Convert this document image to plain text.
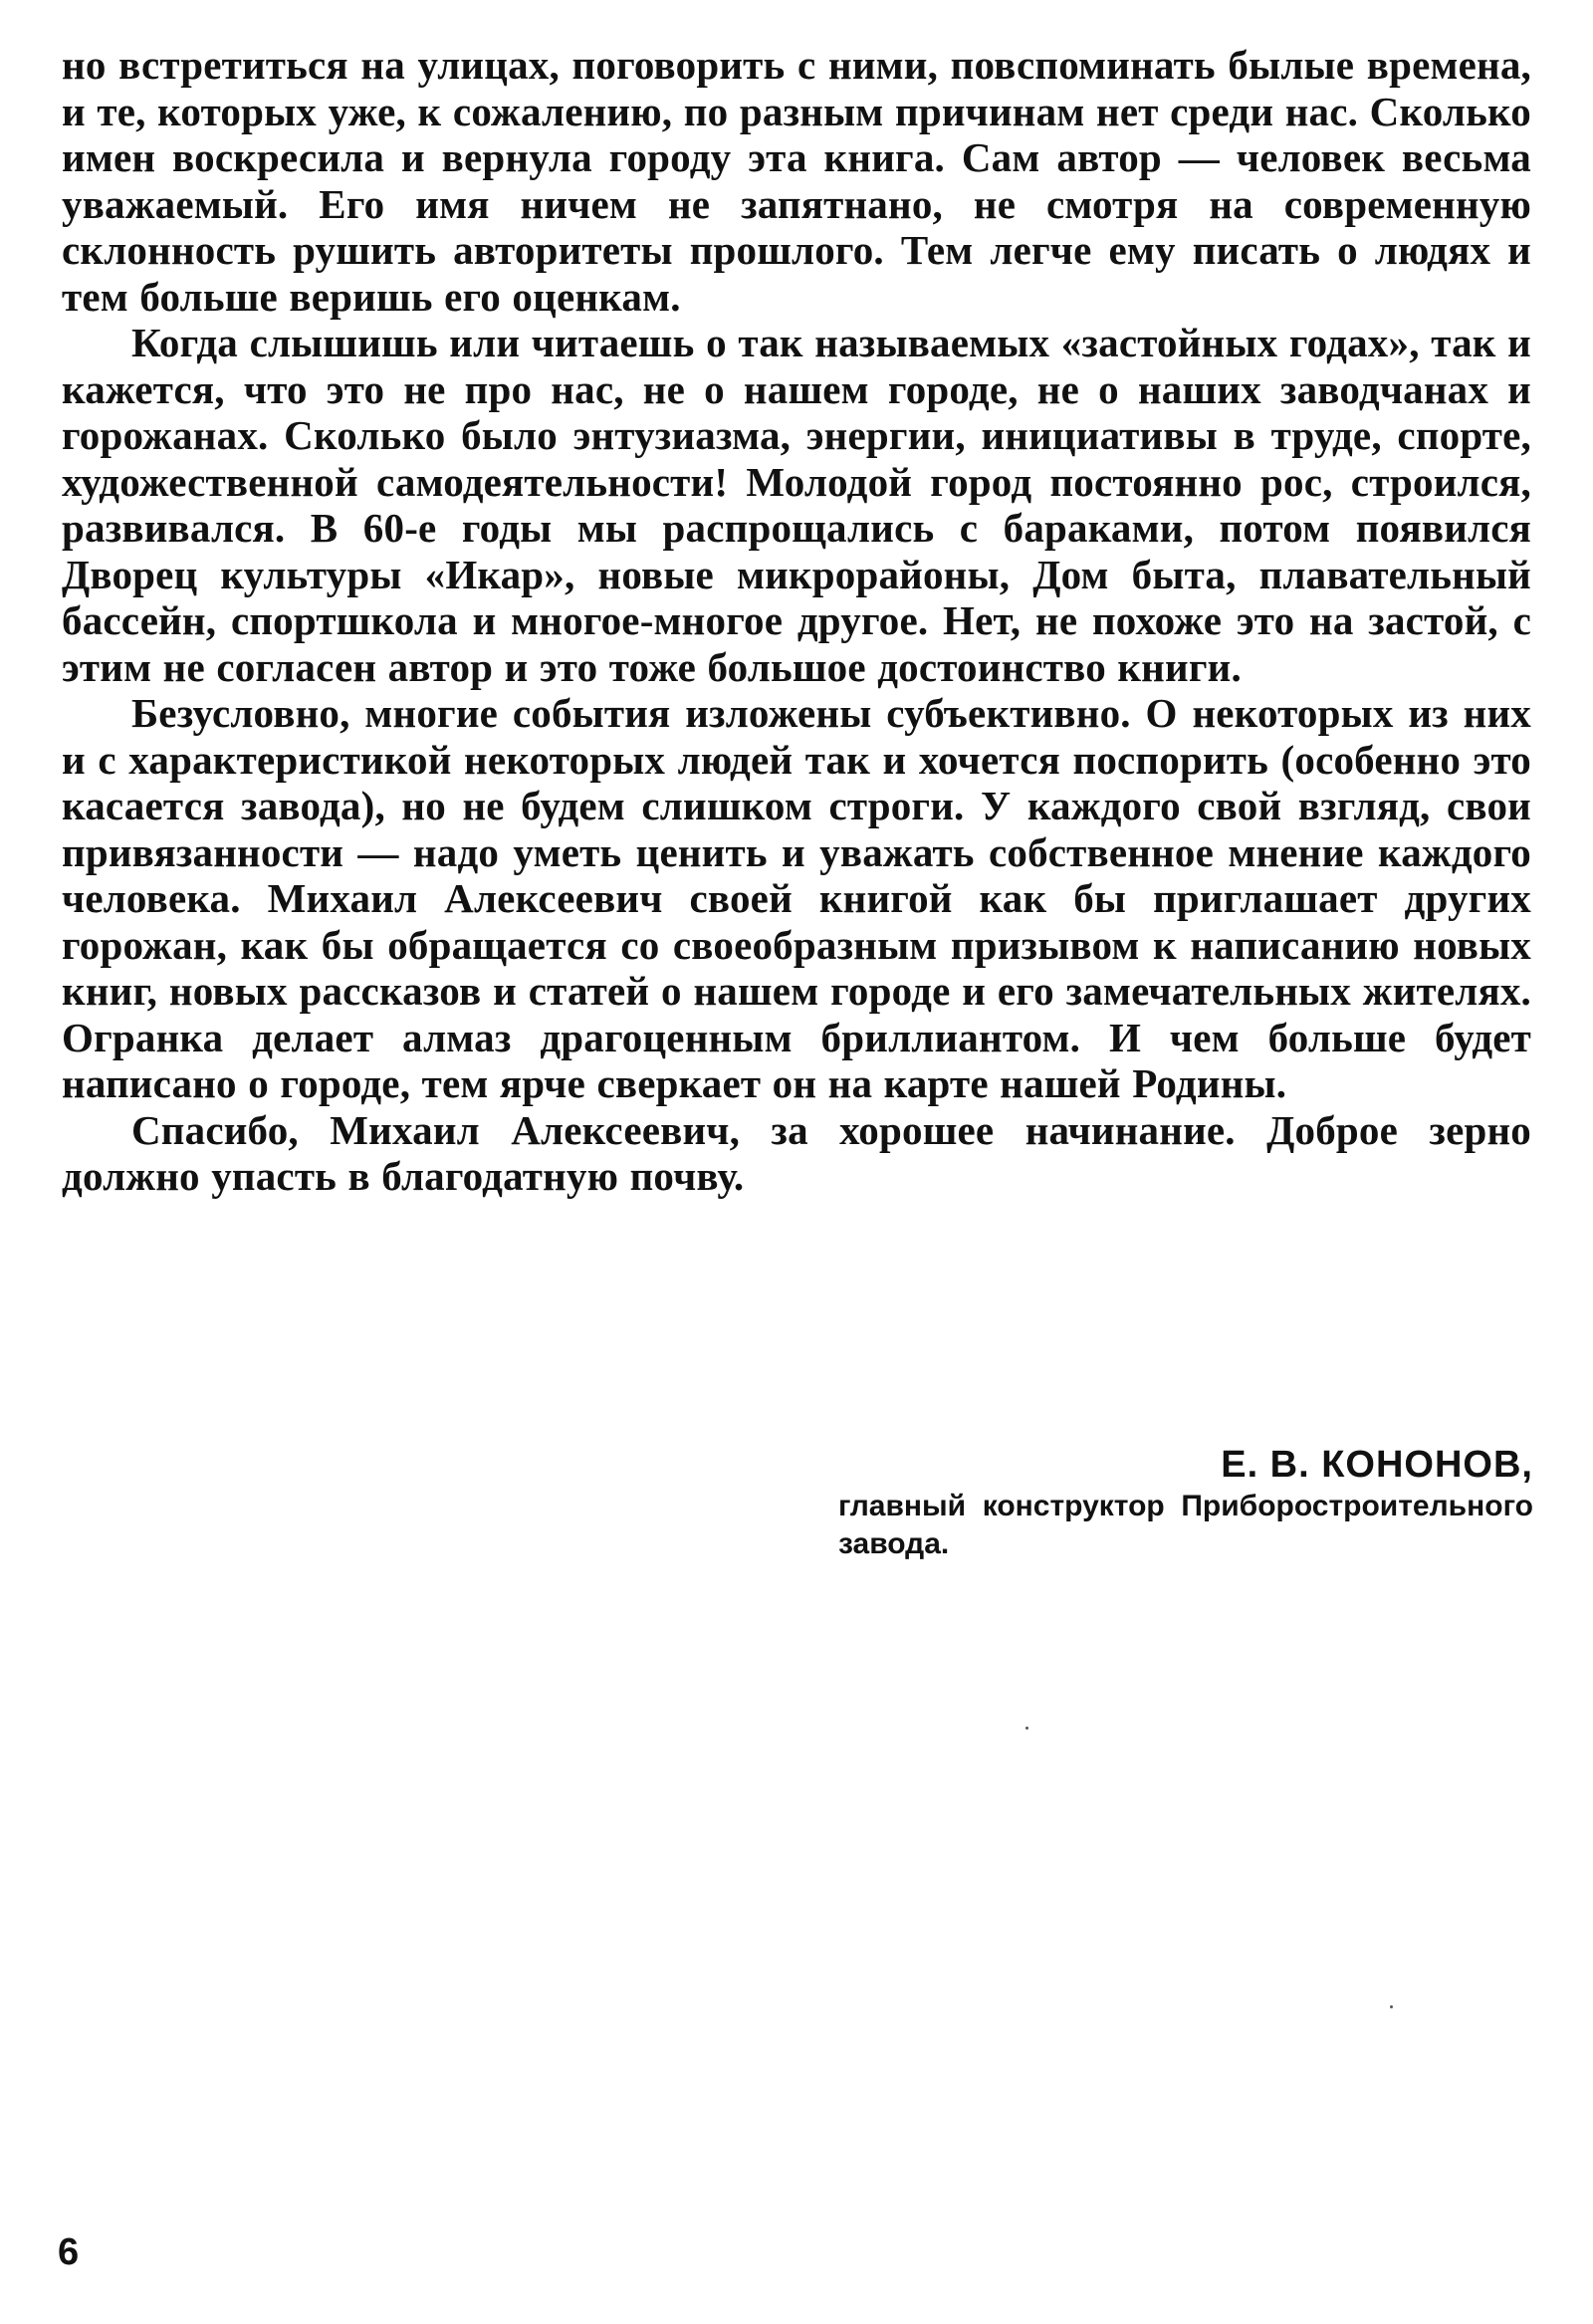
но встретиться на улицах, поговорить с ними, повспоминать былые времена, и те, которых уже, к сожалению, по разным причинам нет среди нас. Сколько имен воскресила и вернула городу эта книга. Сам автор — человек весьма уважаемый. Его имя ничем не запятнано, не смотря на современную склонность рушить авторитеты прошлого. Тем легче ему писать о людях и тем больше веришь его оценкам.

Когда слышишь или читаешь о так называемых «застойных годах», так и кажется, что это не про нас, не о нашем городе, не о наших заводчанах и горожанах. Сколько было энтузиазма, энергии, инициативы в труде, спорте, художественной самодеятельности! Молодой город постоянно рос, строился, развивался. В 60-е годы мы распрощались с бараками, потом появился Дворец культуры «Икар», новые микрорайоны, Дом быта, плавательный бассейн, спортшкола и многое-многое другое. Нет, не похоже это на застой, с этим не согласен автор и это тоже большое достоинство книги.

Безусловно, многие события изложены субъективно. О некоторых из них и с характеристикой некоторых людей так и хочется поспорить (особенно это касается завода), но не будем слишком строги. У каждого свой взгляд, свои привязанности — надо уметь ценить и уважать собственное мнение каждого человека. Михаил Алексеевич своей книгой как бы приглашает других горожан, как бы обращается со своеобразным призывом к написанию новых книг, новых рассказов и статей о нашем городе и его замечательных жителях. Огранка делает алмаз драгоценным бриллиантом. И чем больше будет написано о городе, тем ярче сверкает он на карте нашей Родины.

Спасибо, Михаил Алексеевич, за хорошее начинание. Доброе зерно должно упасть в благодатную почву.

Е. В. КОНОНОВ,
главный конструктор Приборостроительного завода.
6
